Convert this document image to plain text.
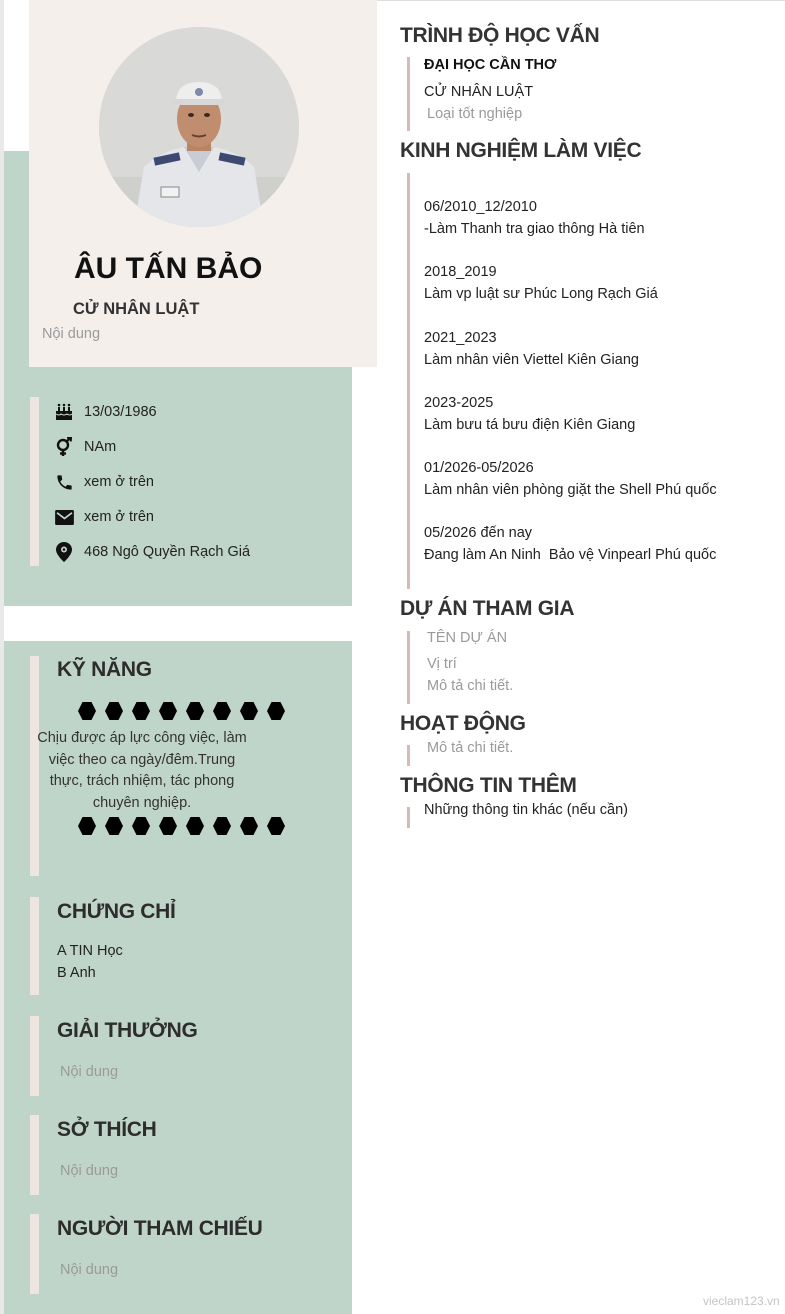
ÂU TẤN BẢO
CỬ NHÂN LUẬT
Nội dung
13/03/1986
NAm
xem ở trên
xem ở trên
468 Ngô Quyền Rạch Giá
KỸ NĂNG
Chịu được áp lực công việc, làm
việc theo ca ngày/đêm.Trung
thực, trách nhiệm, tác phong
chuyên nghiệp.
CHỨNG CHỈ
A TIN Học
B Anh
GIẢI THƯỞNG
Nội dung
SỞ THÍCH
Nội dung
NGƯỜI THAM CHIẾU
Nội dung
TRÌNH ĐỘ HỌC VẤN
ĐẠI HỌC CẦN THƠ
CỬ NHÂN LUẬT
Loại tốt nghiệp
KINH NGHIỆM LÀM VIỆC
06/2010_12/2010
-Làm Thanh tra giao thông Hà tiên
2018_2019
Làm vp luật sư Phúc Long Rạch Giá
2021_2023
Làm nhân viên Viettel Kiên Giang
2023-2025
Làm bưu tá bưu điện Kiên Giang
01/2026-05/2026
Làm nhân viên phòng giặt the Shell Phú quốc
05/2026 đến nay
Đang làm An Ninh  Bảo vệ Vinpearl Phú quốc
DỰ ÁN THAM GIA
TÊN DỰ ÁN
Vị trí
Mô tả chi tiết.
HOẠT ĐỘNG
Mô tả chi tiết.
THÔNG TIN THÊM
Những thông tin khác (nếu cần)
vieclam123.vn
